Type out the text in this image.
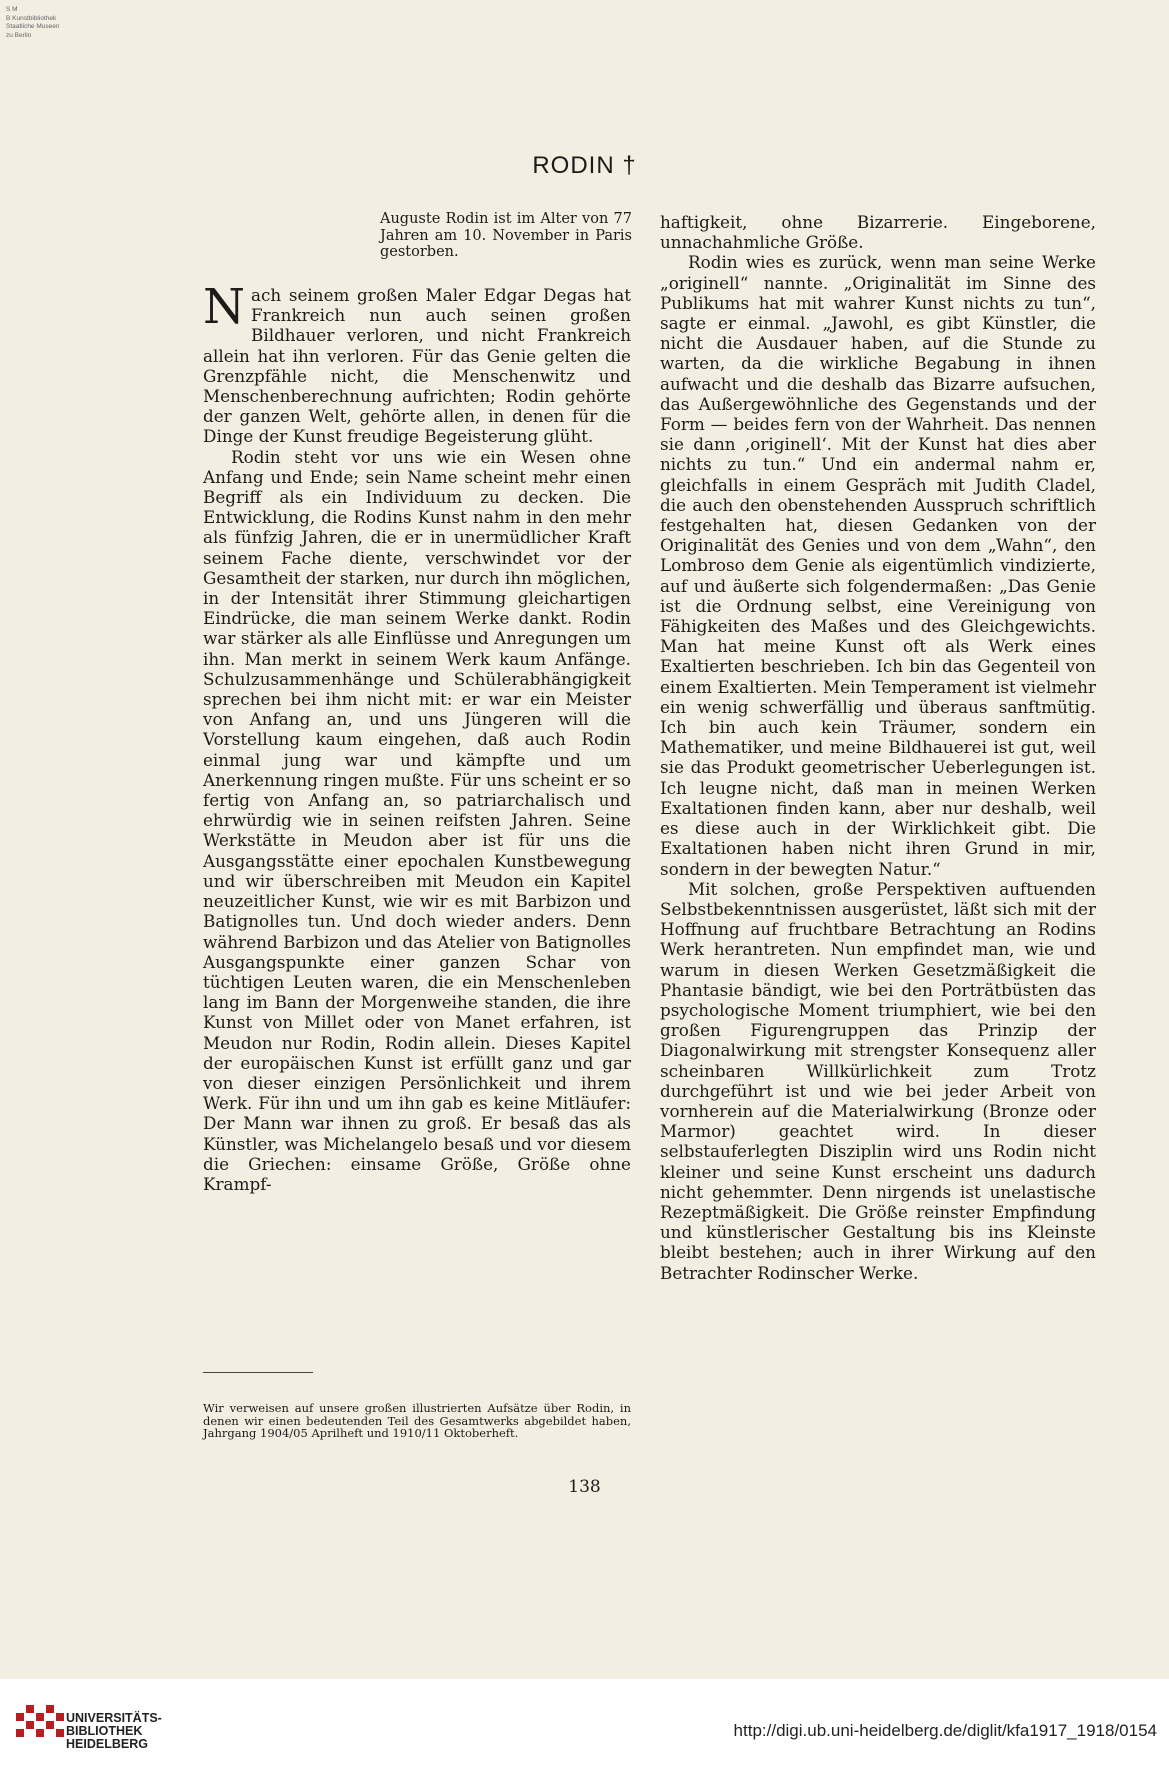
S M
B Kunstbibliothek
Staatliche Museen
zu Berlin
RODIN †
Auguste Rodin ist im Alter von 77 Jahren am 10. November in Paris gestorben.

Nach seinem großen Maler Edgar Degas hat Frankreich nun auch seinen großen Bildhauer verloren, und nicht Frankreich allein hat ihn verloren. Für das Genie gelten die Grenzpfähle nicht, die Menschenwitz und Menschenberechnung aufrichten; Rodin gehörte der ganzen Welt, gehörte allen, in denen für die Dinge der Kunst freudige Begeisterung glüht.

Rodin steht vor uns wie ein Wesen ohne Anfang und Ende; sein Name scheint mehr einen Begriff als ein Individuum zu decken. Die Entwicklung, die Rodins Kunst nahm in den mehr als fünfzig Jahren, die er in unermüdlicher Kraft seinem Fache diente, verschwindet vor der Gesamtheit der starken, nur durch ihn möglichen, in der Intensität ihrer Stimmung gleichartigen Eindrücke, die man seinem Werke dankt. Rodin war stärker als alle Einflüsse und Anregungen um ihn. Man merkt in seinem Werk kaum Anfänge. Schulzusammenhänge und Schülerabhängigkeit sprechen bei ihm nicht mit: er war ein Meister von Anfang an, und uns Jüngeren will die Vorstellung kaum eingehen, daß auch Rodin einmal jung war und kämpfte und um Anerkennung ringen mußte. Für uns scheint er so fertig von Anfang an, so patriarchalisch und ehrwürdig wie in seinen reifsten Jahren. Seine Werkstätte in Meudon aber ist für uns die Ausgangsstätte einer epochalen Kunstbewegung und wir überschreiben mit Meudon ein Kapitel neuzeitlicher Kunst, wie wir es mit Barbizon und Batignolles tun. Und doch wieder anders. Denn während Barbizon und das Atelier von Batignolles Ausgangspunkte einer ganzen Schar von tüchtigen Leuten waren, die ein Menschenleben lang im Bann der Morgenweihe standen, die ihre Kunst von Millet oder von Manet erfahren, ist Meudon nur Rodin, Rodin allein. Dieses Kapitel der europäischen Kunst ist erfüllt ganz und gar von dieser einzigen Persönlichkeit und ihrem Werk. Für ihn und um ihn gab es keine Mitläufer: Der Mann war ihnen zu groß. Er besaß das als Künstler, was Michelangelo besaß und vor diesem die Griechen: einsame Größe, Größe ohne Krampf-

haftigkeit, ohne Bizarrerie. Eingeborene, unnachahmliche Größe.

Rodin wies es zurück, wenn man seine Werke „originell“ nannte. „Originalität im Sinne des Publikums hat mit wahrer Kunst nichts zu tun“, sagte er einmal. „Jawohl, es gibt Künstler, die nicht die Ausdauer haben, auf die Stunde zu warten, da die wirkliche Begabung in ihnen aufwacht und die deshalb das Bizarre aufsuchen, das Außergewöhnliche des Gegenstands und der Form — beides fern von der Wahrheit. Das nennen sie dann ‚originell‘. Mit der Kunst hat dies aber nichts zu tun.“ Und ein andermal nahm er, gleichfalls in einem Gespräch mit Judith Cladel, die auch den obenstehenden Ausspruch schriftlich festgehalten hat, diesen Gedanken von der Originalität des Genies und von dem „Wahn“, den Lombroso dem Genie als eigentümlich vindizierte, auf und äußerte sich folgendermaßen: „Das Genie ist die Ordnung selbst, eine Vereinigung von Fähigkeiten des Maßes und des Gleichgewichts. Man hat meine Kunst oft als Werk eines Exaltierten beschrieben. Ich bin das Gegenteil von einem Exaltierten. Mein Temperament ist vielmehr ein wenig schwerfällig und überaus sanftmütig. Ich bin auch kein Träumer, sondern ein Mathematiker, und meine Bildhauerei ist gut, weil sie das Produkt geometrischer Ueberlegungen ist. Ich leugne nicht, daß man in meinen Werken Exaltationen finden kann, aber nur deshalb, weil es diese auch in der Wirklichkeit gibt. Die Exaltationen haben nicht ihren Grund in mir, sondern in der bewegten Natur.“

Mit solchen, große Perspektiven auftuenden Selbstbekenntnissen ausgerüstet, läßt sich mit der Hoffnung auf fruchtbare Betrachtung an Rodins Werk herantreten. Nun empfindet man, wie und warum in diesen Werken Gesetzmäßigkeit die Phantasie bändigt, wie bei den Porträtbüsten das psychologische Moment triumphiert, wie bei den großen Figurengruppen das Prinzip der Diagonalwirkung mit strengster Konsequenz aller scheinbaren Willkürlichkeit zum Trotz durchgeführt ist und wie bei jeder Arbeit von vornherein auf die Materialwirkung (Bronze oder Marmor) geachtet wird. In dieser selbstauferlegten Disziplin wird uns Rodin nicht kleiner und seine Kunst erscheint uns dadurch nicht gehemmter. Denn nirgends ist unelastische Rezeptmäßigkeit. Die Größe reinster Empfindung und künstlerischer Gestaltung bis ins Kleinste bleibt bestehen; auch in ihrer Wirkung auf den Betrachter Rodinscher Werke.

Wir verweisen auf unsere großen illustrierten Aufsätze über Rodin, in denen wir einen bedeutenden Teil des Gesamtwerks abgebildet haben, Jahrgang 1904/05 Aprilheft und 1910/11 Oktoberheft.
138
UNIVERSITÄTS-
BIBLIOTHEK
HEIDELBERG
http://digi.ub.uni-heidelberg.de/diglit/kfa1917_1918/0154
